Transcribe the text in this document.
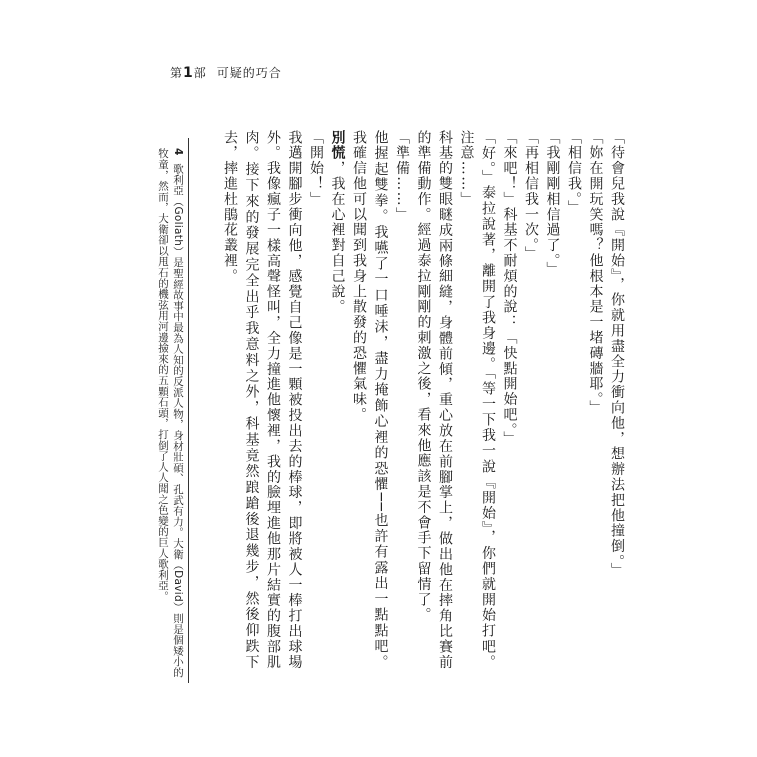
第1部 可疑的巧合

「待會兒我說『開始』，你就用盡全力衝向他，想辦法把他撞倒。」

「妳在開玩笑嗎？他根本是一堵磚牆耶。」

「相信我。」

「我剛剛相信過了。」

「再相信我一次。」

「來吧！」科基不耐煩的說：「快點開始吧。」

「好。」泰拉說著，離開了我身邊。「等一下我一說『開始』，你們就開始打吧。注意……」

科基的雙眼瞇成兩條細縫，身體前傾，重心放在前腳掌上，做出他在摔角比賽前的準備動作。經過泰拉剛剛的刺激之後，看來他應該是不會手下留情了。

「準備……」

他握起雙拳。我嚥了一口唾沫，盡力掩飾心裡的恐懼──也許有露出一點點吧。我確信他可以聞到我身上散發的恐懼氣味。

別慌，我在心裡對自己說。

「開始！」

我邁開腳步衝向他，感覺自己像是一顆被投出去的棒球，即將被人一棒打出球場外。我像瘋子一樣高聲怪叫，全力撞進他懷裡，我的臉埋進他那片結實的腹部肌肉。接下來的發展完全出乎我意料之外，科基竟然踉蹌後退幾步，然後仰跌下去，摔進杜鵑花叢裡。

4 歌利亞（Goliath）是聖經故事中最為人知的反派人物，身材壯碩、孔武有力。大衛（David）則是個矮小的牧童，然而，大衛卻以甩石的機弦用河邊撿來的五顆石頭，打倒了人人聞之色變的巨人歌利亞。
